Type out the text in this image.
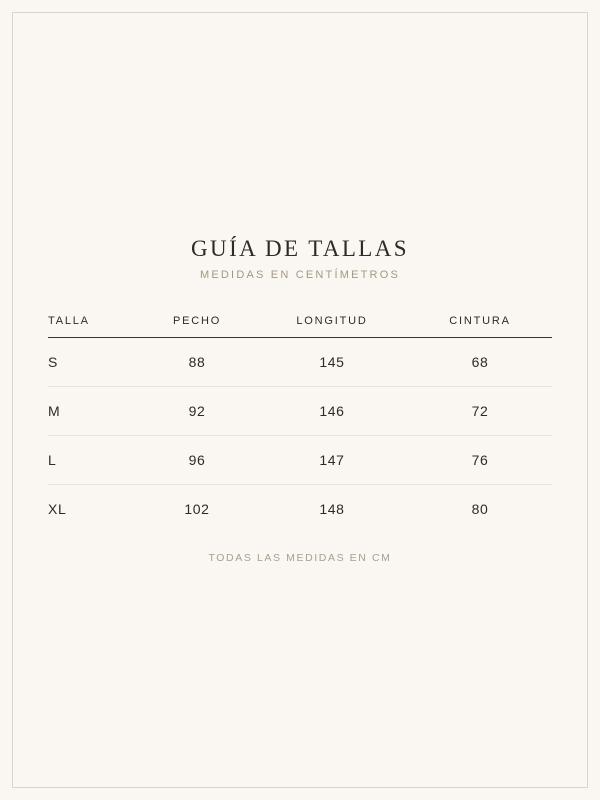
GUÍA DE TALLAS
MEDIDAS EN CENTÍMETROS
TALLA	PECHO	LONGITUD	CINTURA
S	88	145	68
M	92	146	72
L	96	147	76
XL	102	148	80
TODAS LAS MEDIDAS EN CM
